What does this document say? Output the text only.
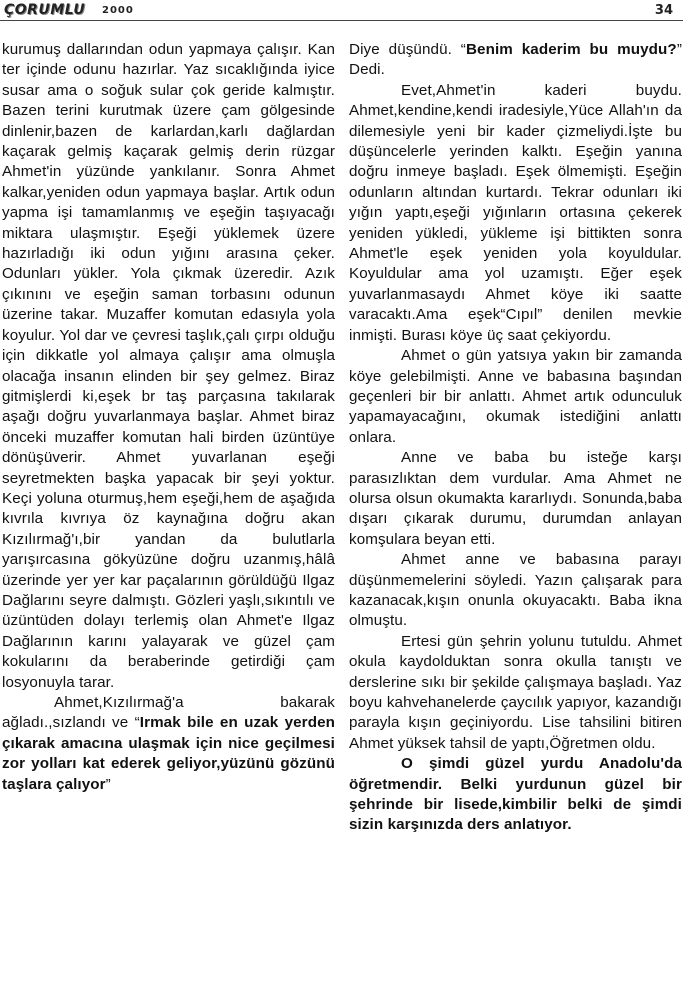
ÇORUMLU 2000	34

kurumuş dallarından odun yapmaya çalışır. Kan ter içinde odunu hazırlar. Yaz sıcaklığında iyice susar ama o soğuk sular çok geride kalmıştır. Bazen terini kurutmak üzere çam gölgesinde dinlenir,bazen de karlardan,karlı dağlardan kaçarak gelmiş kaçarak gelmiş derin rüzgar Ahmet'in yüzünde yankılanır. Sonra Ahmet kalkar,yeniden odun yapmaya başlar. Artık odun yapma işi tamamlanmış ve eşeğin taşıyacağı miktara ulaşmıştır. Eşeği yüklemek üzere hazırladığı iki odun yığını arasına çeker. Odunları yükler. Yola çıkmak üzeredir. Azık çıkınını ve eşeğin saman torbasını odunun üzerine takar. Muzaffer komutan edasıyla yola koyulur. Yol dar ve çevresi taşlık,çalı çırpı olduğu için dikkatle yol almaya çalışır ama olmuşla olacağa insanın elinden bir şey gelmez. Biraz gitmişlerdi ki,eşek br taş parçasına takılarak aşağı doğru yuvarlanmaya başlar. Ahmet biraz önceki muzaffer komutan hali birden üzüntüye dönüşüverir. Ahmet yuvarlanan eşeği seyretmekten başka yapacak bir şeyi yoktur. Keçi yoluna oturmuş,hem eşeği,hem de aşağıda kıvrıla kıvrıya öz kaynağına doğru akan Kızılırmağ'ı,bir yandan da bulutlarla yarışırcasına gökyüzüne doğru uzanmış,hâlâ üzerinde yer yer kar paçalarının görüldüğü Ilgaz Dağlarını seyre dalmıştı. Gözleri yaşlı,sıkıntılı ve üzüntüden dolayı terlemiş olan Ahmet'e Ilgaz Dağlarının karını yalayarak ve güzel çam kokularını da beraberinde getirdiği çam losyonuyla tarar.

Ahmet,Kızılırmağ'a bakarak ağladı.,sızlandı ve “Irmak bile en uzak yerden çıkarak amacına ulaşmak için nice geçilmesi zor yolları kat ederek geliyor,yüzünü gözünü taşlara çalıyor”

Diye düşündü. “Benim kaderim bu muydu?” Dedi.

Evet,Ahmet'in kaderi buydu. Ahmet,kendine,kendi iradesiyle,Yüce Allah'ın da dilemesiyle yeni bir kader çizmeliydi.İşte bu düşüncelerle yerinden kalktı. Eşeğin yanına doğru inmeye başladı. Eşek ölmemişti. Eşeğin odunların altından kurtardı. Tekrar odunları iki yığın yaptı,eşeği yığınların ortasına çekerek yeniden yükledi, yükleme işi bittikten sonra Ahmet'le eşek yeniden yola koyuldular. Koyuldular ama yol uzamıştı. Eğer eşek yuvarlanmasaydı Ahmet köye iki saatte varacaktı.Ama eşek“Cıpıl” denilen mevkie inmişti. Burası köye üç saat çekiyordu.

Ahmet o gün yatsıya yakın bir zamanda köye gelebilmişti. Anne ve babasına başından geçenleri bir bir anlattı. Ahmet artık odunculuk yapamayacağını, okumak istediğini anlattı onlara.

Anne ve baba bu isteğe karşı parasızlıktan dem vurdular. Ama Ahmet ne olursa olsun okumakta kararlıydı. Sonunda,baba dışarı çıkarak durumu, durumdan anlayan komşulara beyan etti.

Ahmet anne ve babasına parayı düşünmemelerini söyledi. Yazın çalışarak para kazanacak,kışın onunla okuyacaktı. Baba ikna olmuştu.

Ertesi gün şehrin yolunu tutuldu. Ahmet okula kaydolduktan sonra okulla tanıştı ve derslerine sıkı bir şekilde çalışmaya başladı. Yaz boyu kahvehanelerde çaycılık yapıyor, kazandığı parayla kışın geçiniyordu. Lise tahsilini bitiren Ahmet yüksek tahsil de yaptı,Öğretmen oldu.

O şimdi güzel yurdu Anadolu'da öğretmendir. Belki yurdunun güzel bir şehrinde bir lisede,kimbilir belki de şimdi sizin karşınızda ders anlatıyor.
